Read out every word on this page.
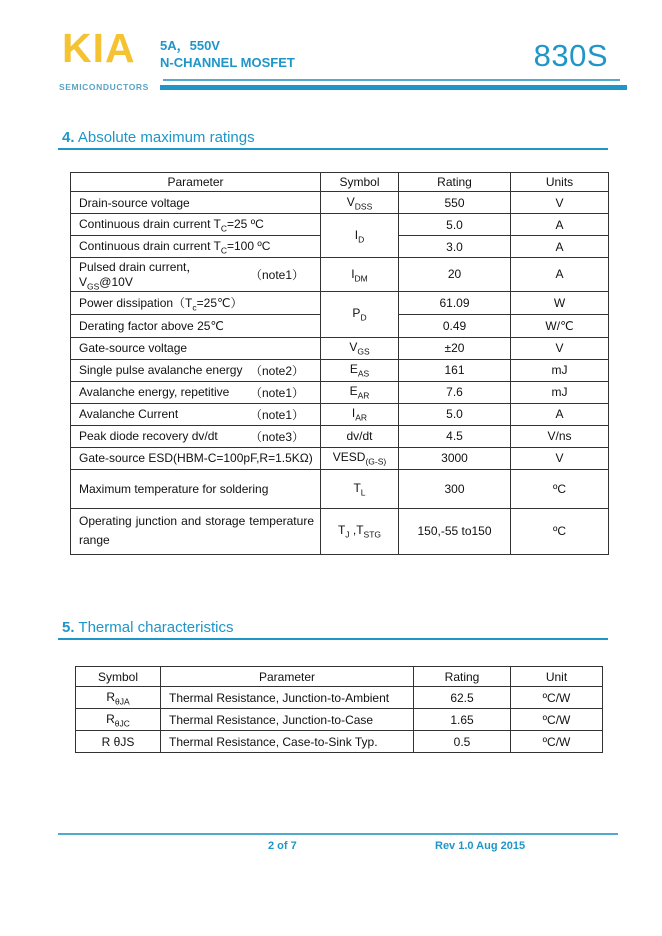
KIA
SEMICONDUCTORS
5A，550V
N-CHANNEL MOSFET	830S
4. Absolute maximum ratings
Parameter	Symbol	Rating	Units
Drain-source voltage	$V_{DSS}$	550	V
Continuous drain current $T_C=25$ ºC	$I_D$	5.0	A
Continuous drain current $T_C=100$ ºC		3.0	A

Pulsed drain current，$V_{GS}@10V$
（note1）	$I_{DM}$	20	A
Power $dissipation(T_c=25℃)$	$P_D$	61.09	W
Derating factor above 25℃		0.49	W/℃
Gate-source voltage	$V_{GS}$	±20	V

Single pulse avalanche energy （note2）	$E_{AS}$	161	mJ

Avalanche energy, repetitive （note1）	$E_{AR}$	7.6	mJ

Avalanche Current （note1）	$I_{AR}$	5.0	A

Peak diode recovery dv/dt （note3）	dv/dt	4.5	V/ns
Gate-source ESD(HBM-C=100pF,R=1.5KΩ)	$VESD_{(G-S)}$	3000	V
Maximum temperature for soldering	$T_L$	300	ºC

Operating junction and storage temperature range	$T_J$ $,T_{STG}$	150,-55 to150	ºC
5. Thermal characteristics
Symbol	Parameter	Rating	Unit
$R_{\theta JA}$	Thermal Resistance, Junction-to-Ambient	62.5	ºC/W
$R_{\theta JC}$	Thermal Resistance, Junction-to-Case	1.65	ºC/W
R θJS	Thermal Resistance, Case-to-Sink Typ.	0.5	ºC/W
2 of 7	Rev 1.0 Aug 2015
